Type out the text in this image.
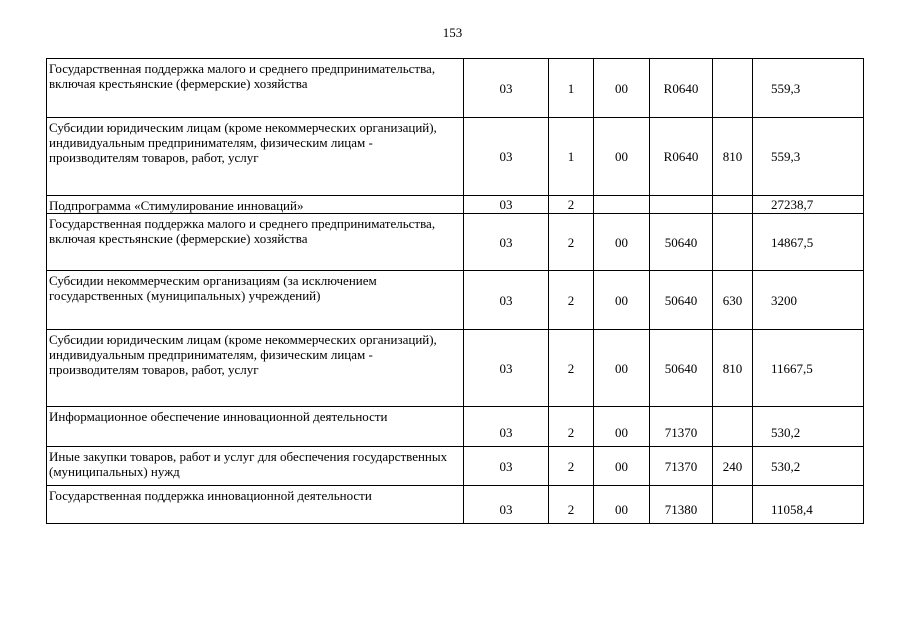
153
Государственная поддержка малого и среднего предпринимательства, включая крестьянские (фермерские) хозяйства	03	1	00	R0640		559,3
Субсидии юридическим лицам (кроме некоммерческих организаций), индивидуальным предпринимателям, физическим лицам - производителям товаров, работ, услуг	03	1	00	R0640	810	559,3
Подпрограмма «Стимулирование инноваций»	03	2				27238,7
Государственная поддержка малого и среднего предпринимательства, включая крестьянские (фермерские) хозяйства	03	2	00	50640		14867,5
Субсидии некоммерческим организациям (за исключением государственных (муниципальных) учреждений)	03	2	00	50640	630	3200
Субсидии юридическим лицам (кроме некоммерческих организаций), индивидуальным предпринимателям, физическим лицам - производителям товаров, работ, услуг	03	2	00	50640	810	11667,5
Информационное обеспечение инновационной деятельности	03	2	00	71370		530,2
Иные закупки товаров, работ и услуг для обеспечения государственных (муниципальных) нужд	03	2	00	71370	240	530,2
Государственная поддержка инновационной деятельности	03	2	00	71380		11058,4
